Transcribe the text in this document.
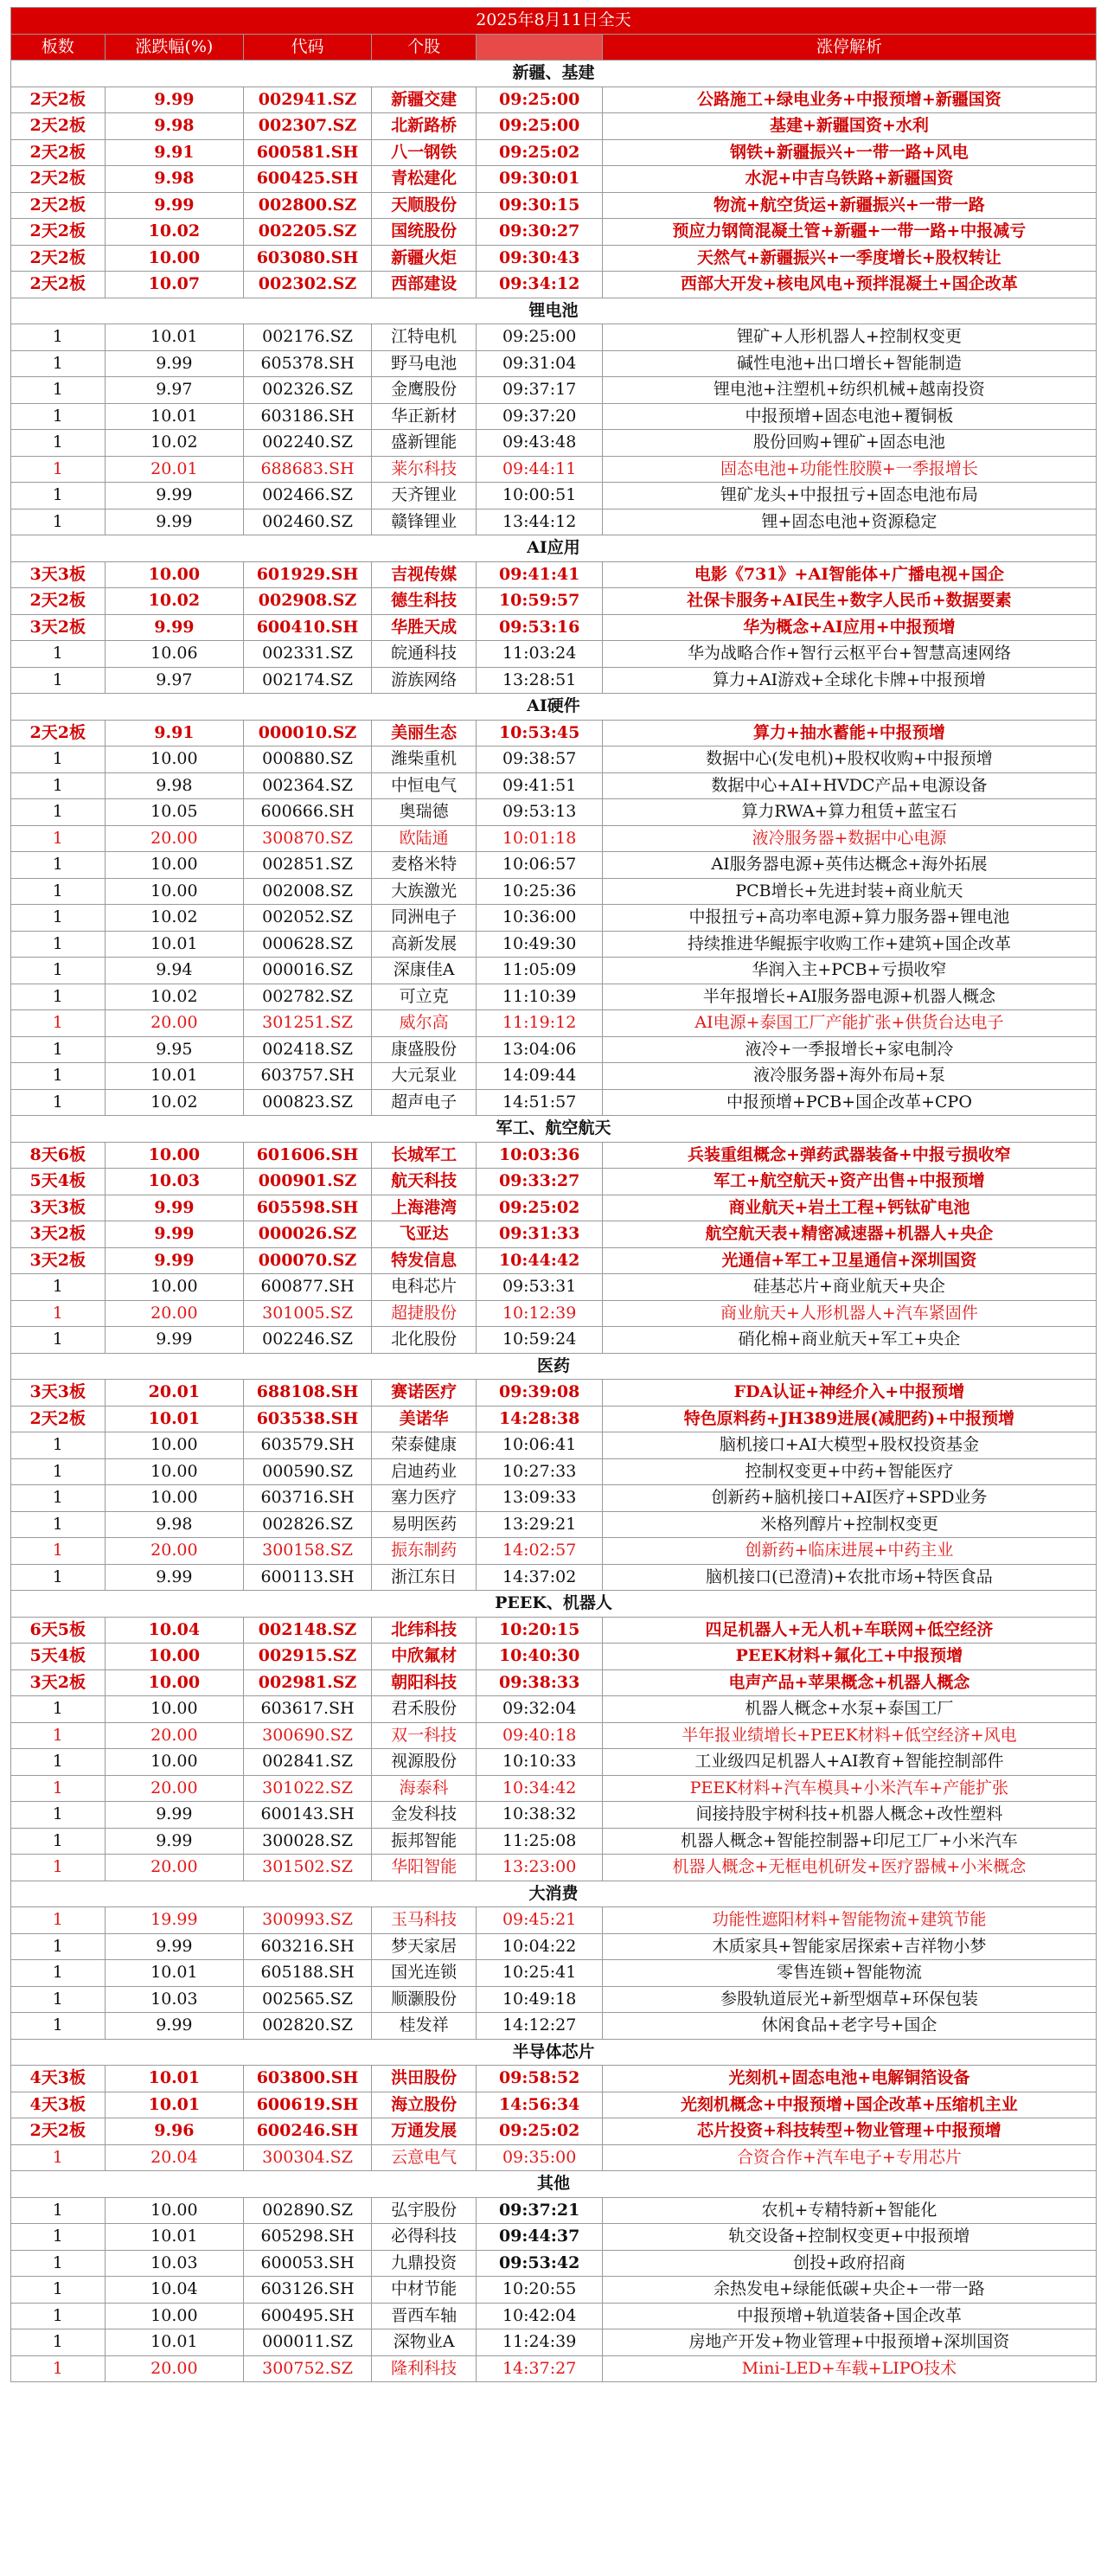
2025年8月11日全天					
板数	涨跌幅(%)	代码	个股		涨停解析
新疆、基建					
2天2板	9.99	002941.SZ	新疆交建	09:25:00	公路施工+绿电业务+中报预增+新疆国资
2天2板	9.98	002307.SZ	北新路桥	09:25:00	基建+新疆国资+水利
2天2板	9.91	600581.SH	八一钢铁	09:25:02	钢铁+新疆振兴+一带一路+风电
2天2板	9.98	600425.SH	青松建化	09:30:01	水泥+中吉乌铁路+新疆国资
2天2板	9.99	002800.SZ	天顺股份	09:30:15	物流+航空货运+新疆振兴+一带一路
2天2板	10.02	002205.SZ	国统股份	09:30:27	预应力钢筒混凝土管+新疆+一带一路+中报减亏
2天2板	10.00	603080.SH	新疆火炬	09:30:43	天然气+新疆振兴+一季度增长+股权转让
2天2板	10.07	002302.SZ	西部建设	09:34:12	西部大开发+核电风电+预拌混凝土+国企改革
锂电池					
1	10.01	002176.SZ	江特电机	09:25:00	锂矿+人形机器人+控制权变更
1	9.99	605378.SH	野马电池	09:31:04	碱性电池+出口增长+智能制造
1	9.97	002326.SZ	金鹰股份	09:37:17	锂电池+注塑机+纺织机械+越南投资
1	10.01	603186.SH	华正新材	09:37:20	中报预增+固态电池+覆铜板
1	10.02	002240.SZ	盛新锂能	09:43:48	股份回购+锂矿+固态电池
1	20.01	688683.SH	莱尔科技	09:44:11	固态电池+功能性胶膜+一季报增长
1	9.99	002466.SZ	天齐锂业	10:00:51	锂矿龙头+中报扭亏+固态电池布局
1	9.99	002460.SZ	赣锋锂业	13:44:12	锂+固态电池+资源稳定
AI应用					
3天3板	10.00	601929.SH	吉视传媒	09:41:41	电影《731》+AI智能体+广播电视+国企
2天2板	10.02	002908.SZ	德生科技	10:59:57	社保卡服务+AI民生+数字人民币+数据要素
3天2板	9.99	600410.SH	华胜天成	09:53:16	华为概念+AI应用+中报预增
1	10.06	002331.SZ	皖通科技	11:03:24	华为战略合作+智行云枢平台+智慧高速网络
1	9.97	002174.SZ	游族网络	13:28:51	算力+AI游戏+全球化卡牌+中报预增
AI硬件					
2天2板	9.91	000010.SZ	美丽生态	10:53:45	算力+抽水蓄能+中报预增
1	10.00	000880.SZ	潍柴重机	09:38:57	数据中心(发电机)+股权收购+中报预增
1	9.98	002364.SZ	中恒电气	09:41:51	数据中心+AI+HVDC产品+电源设备
1	10.05	600666.SH	奥瑞德	09:53:13	算力RWA+算力租赁+蓝宝石
1	20.00	300870.SZ	欧陆通	10:01:18	液冷服务器+数据中心电源
1	10.00	002851.SZ	麦格米特	10:06:57	AI服务器电源+英伟达概念+海外拓展
1	10.00	002008.SZ	大族激光	10:25:36	PCB增长+先进封装+商业航天
1	10.02	002052.SZ	同洲电子	10:36:00	中报扭亏+高功率电源+算力服务器+锂电池
1	10.01	000628.SZ	高新发展	10:49:30	持续推进华鲲振宇收购工作+建筑+国企改革
1	9.94	000016.SZ	深康佳A	11:05:09	华润入主+PCB+亏损收窄
1	10.02	002782.SZ	可立克	11:10:39	半年报增长+AI服务器电源+机器人概念
1	20.00	301251.SZ	威尔高	11:19:12	AI电源+泰国工厂产能扩张+供货台达电子
1	9.95	002418.SZ	康盛股份	13:04:06	液冷+一季报增长+家电制冷
1	10.01	603757.SH	大元泵业	14:09:44	液冷服务器+海外布局+泵
1	10.02	000823.SZ	超声电子	14:51:57	中报预增+PCB+国企改革+CPO
军工、航空航天					
8天6板	10.00	601606.SH	长城军工	10:03:36	兵装重组概念+弹药武器装备+中报亏损收窄
5天4板	10.03	000901.SZ	航天科技	09:33:27	军工+航空航天+资产出售+中报预增
3天3板	9.99	605598.SH	上海港湾	09:25:02	商业航天+岩土工程+钙钛矿电池
3天2板	9.99	000026.SZ	飞亚达	09:31:33	航空航天表+精密减速器+机器人+央企
3天2板	9.99	000070.SZ	特发信息	10:44:42	光通信+军工+卫星通信+深圳国资
1	10.00	600877.SH	电科芯片	09:53:31	硅基芯片+商业航天+央企
1	20.00	301005.SZ	超捷股份	10:12:39	商业航天+人形机器人+汽车紧固件
1	9.99	002246.SZ	北化股份	10:59:24	硝化棉+商业航天+军工+央企
医药					
3天3板	20.01	688108.SH	赛诺医疗	09:39:08	FDA认证+神经介入+中报预增
2天2板	10.01	603538.SH	美诺华	14:28:38	特色原料药+JH389进展(减肥药)+中报预增
1	10.00	603579.SH	荣泰健康	10:06:41	脑机接口+AI大模型+股权投资基金
1	10.00	000590.SZ	启迪药业	10:27:33	控制权变更+中药+智能医疗
1	10.00	603716.SH	塞力医疗	13:09:33	创新药+脑机接口+AI医疗+SPD业务
1	9.98	002826.SZ	易明医药	13:29:21	米格列醇片+控制权变更
1	20.00	300158.SZ	振东制药	14:02:57	创新药+临床进展+中药主业
1	9.99	600113.SH	浙江东日	14:37:02	脑机接口(已澄清)+农批市场+特医食品
PEEK、机器人					
6天5板	10.04	002148.SZ	北纬科技	10:20:15	四足机器人+无人机+车联网+低空经济
5天4板	10.00	002915.SZ	中欣氟材	10:40:30	PEEK材料+氟化工+中报预增
3天2板	10.00	002981.SZ	朝阳科技	09:38:33	电声产品+苹果概念+机器人概念
1	10.00	603617.SH	君禾股份	09:32:04	机器人概念+水泵+泰国工厂
1	20.00	300690.SZ	双一科技	09:40:18	半年报业绩增长+PEEK材料+低空经济+风电
1	10.00	002841.SZ	视源股份	10:10:33	工业级四足机器人+AI教育+智能控制部件
1	20.00	301022.SZ	海泰科	10:34:42	PEEK材料+汽车模具+小米汽车+产能扩张
1	9.99	600143.SH	金发科技	10:38:32	间接持股宇树科技+机器人概念+改性塑料
1	9.99	300028.SZ	振邦智能	11:25:08	机器人概念+智能控制器+印尼工厂+小米汽车
1	20.00	301502.SZ	华阳智能	13:23:00	机器人概念+无框电机研发+医疗器械+小米概念
大消费					
1	19.99	300993.SZ	玉马科技	09:45:21	功能性遮阳材料+智能物流+建筑节能
1	9.99	603216.SH	梦天家居	10:04:22	木质家具+智能家居探索+吉祥物小梦
1	10.01	605188.SH	国光连锁	10:25:41	零售连锁+智能物流
1	10.03	002565.SZ	顺灏股份	10:49:18	参股轨道辰光+新型烟草+环保包装
1	9.99	002820.SZ	桂发祥	14:12:27	休闲食品+老字号+国企
半导体芯片					
4天3板	10.01	603800.SH	洪田股份	09:58:52	光刻机+固态电池+电解铜箔设备
4天3板	10.01	600619.SH	海立股份	14:56:34	光刻机概念+中报预增+国企改革+压缩机主业
2天2板	9.96	600246.SH	万通发展	09:25:02	芯片投资+科技转型+物业管理+中报预增
1	20.04	300304.SZ	云意电气	09:35:00	合资合作+汽车电子+专用芯片
其他					
1	10.00	002890.SZ	弘宇股份	09:37:21	农机+专精特新+智能化
1	10.01	605298.SH	必得科技	09:44:37	轨交设备+控制权变更+中报预增
1	10.03	600053.SH	九鼎投资	09:53:42	创投+政府招商
1	10.04	603126.SH	中材节能	10:20:55	余热发电+绿能低碳+央企+一带一路
1	10.00	600495.SH	晋西车轴	10:42:04	中报预增+轨道装备+国企改革
1	10.01	000011.SZ	深物业A	11:24:39	房地产开发+物业管理+中报预增+深圳国资
1	20.00	300752.SZ	隆利科技	14:37:27	Mini-LED+车载+LIPO技术
